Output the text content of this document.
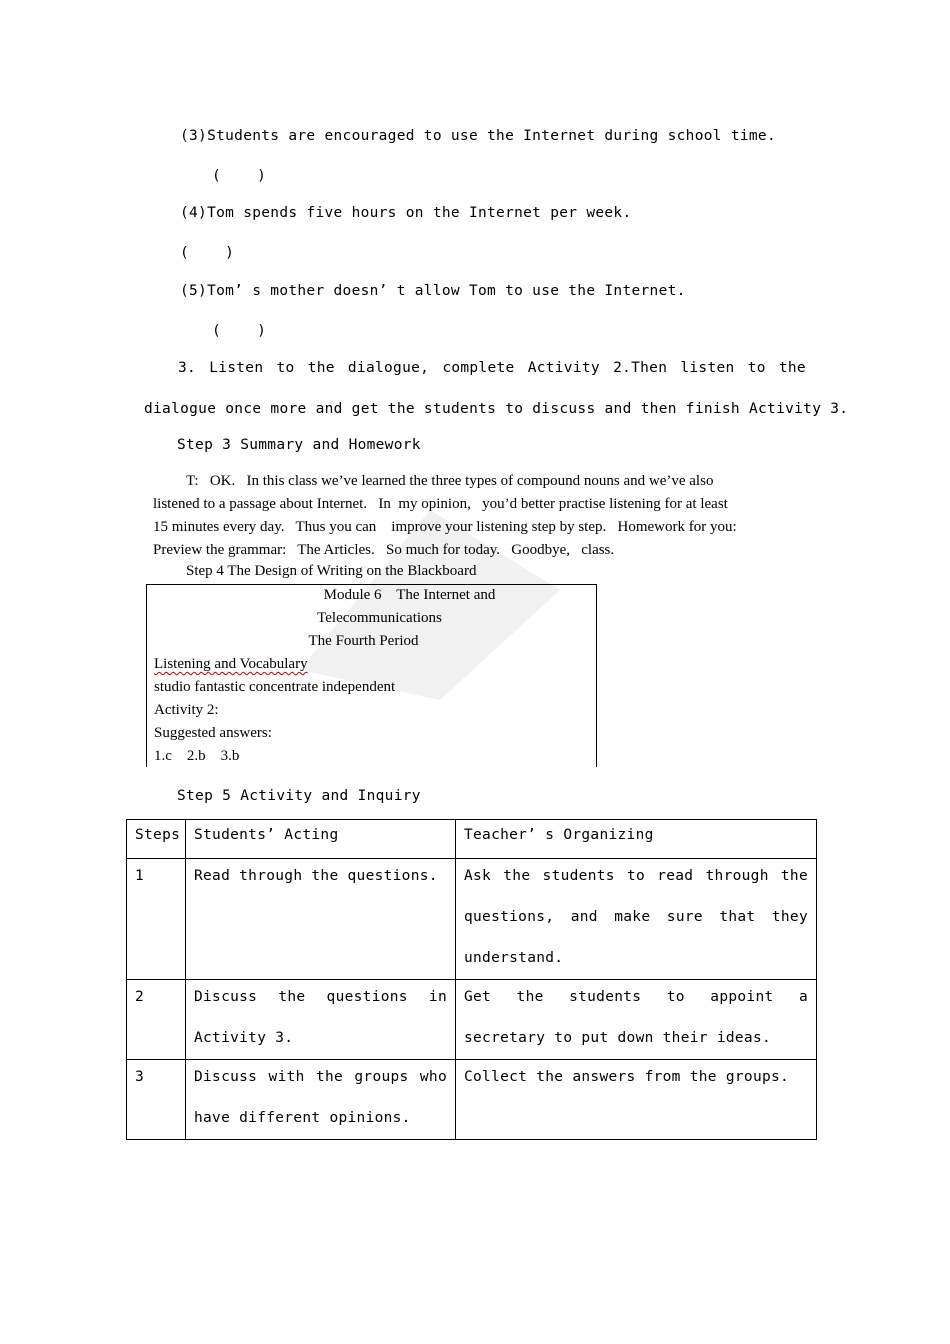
(3)Students are encouraged to use the Internet during school time.
(    )
(4)Tom spends five hours on the Internet per week.
(    )
(5)Tom’ s mother doesn’ t allow Tom to use the Internet.
(    )
3. Listen to the dialogue, complete Activity 2.Then listen to the
dialogue once more and get the students to discuss and then finish Activity 3.
Step 3 Summary and Homework
T:   OK.   In this class we’ve learned the three types of compound nouns and we’ve also
listened to a passage about Internet.   In  my opinion,   you’d better practise listening for at least
15 minutes every day.   Thus you can    improve your listening step by step.   Homework for you:
Preview the grammar:   The Articles.   So much for today.   Goodbye,   class.
Step 4 The Design of Writing on the Blackboard
Module 6    The Internet and
Telecommunications
The Fourth Period
Listening and Vocabulary
studio fantastic concentrate independent
Activity 2:
Suggested answers:
1.c    2.b    3.b
Step 5 Activity and Inquiry
Steps	Students’ Acting	Teacher’ s Organizing

1	Read through the questions.	Ask the students to read through the questions, and make sure that they understand.

2	Discuss the questions in Activity 3.	Get the students to appoint a secretary to put down their ideas.

3	Discuss with the groups who have different opinions.	Collect the answers from the groups.
